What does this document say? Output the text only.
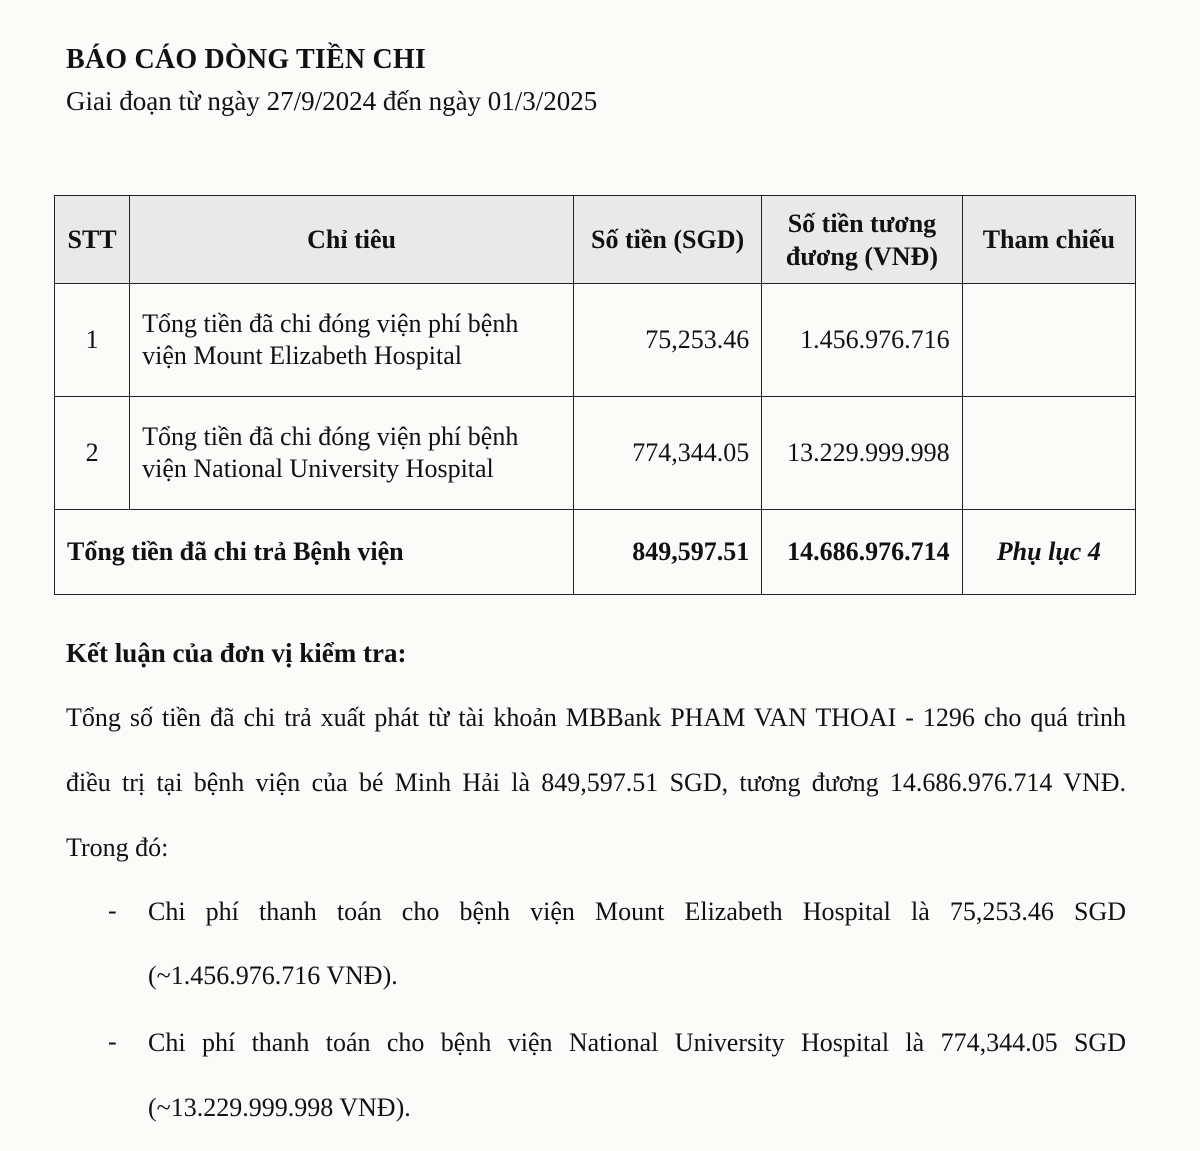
BÁO CÁO DÒNG TIỀN CHI
Giai đoạn từ ngày 27/9/2024 đến ngày 01/3/2025
STT	Chỉ tiêu	Số tiền (SGD)	Số tiền tương
đương (VNĐ)	Tham chiếu
1	Tổng tiền đã chi đóng viện phí bệnh
viện Mount Elizabeth Hospital	75,253.46	1.456.976.716	
2	Tổng tiền đã chi đóng viện phí bệnh
viện National University Hospital	774,344.05	13.229.999.998	
Tổng tiền đã chi trả Bệnh viện		849,597.51	14.686.976.714	Phụ lục 4
Kết luận của đơn vị kiểm tra:
Tổng số tiền đã chi trả xuất phát từ tài khoản MBBank PHAM VAN THOAI - 1296 cho quá trình
điều trị tại bệnh viện của bé Minh Hải là 849,597.51 SGD, tương đương 14.686.976.714 VNĐ.
Trong đó:
- Chi phí thanh toán cho bệnh viện Mount Elizabeth Hospital là 75,253.46 SGD
(~1.456.976.716 VNĐ).
- Chi phí thanh toán cho bệnh viện National University Hospital là 774,344.05 SGD
(~13.229.999.998 VNĐ).
